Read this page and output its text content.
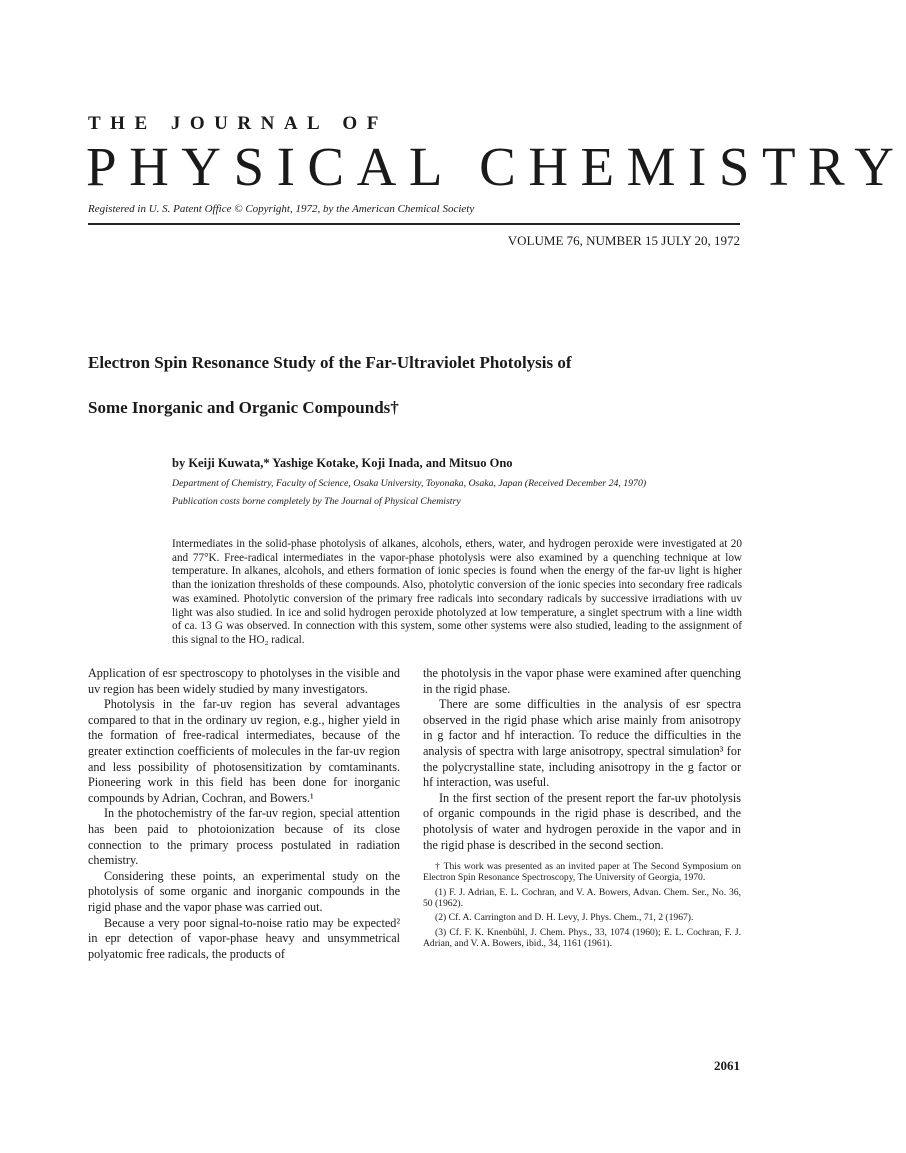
THE JOURNAL OF
PHYSICAL CHEMISTRY
Registered in U. S. Patent Office © Copyright, 1972, by the American Chemical Society
VOLUME 76, NUMBER 15 JULY 20, 1972
Electron Spin Resonance Study of the Far-Ultraviolet Photolysis of
Some Inorganic and Organic Compounds†
by Keiji Kuwata,* Yashige Kotake, Koji Inada, and Mitsuo Ono
Department of Chemistry, Faculty of Science, Osaka University, Toyonaka, Osaka, Japan (Received December 24, 1970)
Publication costs borne completely by The Journal of Physical Chemistry
Intermediates in the solid-phase photolysis of alkanes, alcohols, ethers, water, and hydrogen peroxide were investigated at 20 and 77°K. Free-radical intermediates in the vapor-phase photolysis were also examined by a quenching technique at low temperature. In alkanes, alcohols, and ethers formation of ionic species is found when the energy of the far-uv light is higher than the ionization thresholds of these compounds. Also, photolytic conversion of the ionic species into secondary free radicals was examined. Photolytic conversion of the primary free radicals into secondary radicals by successive irradiations with uv light was also studied. In ice and solid hydrogen peroxide photolyzed at low temperature, a singlet spectrum with a line width of ca. 13 G was observed. In connection with this system, some other systems were also studied, leading to the assignment of this signal to the HO₂ radical.

Application of esr spectroscopy to photolyses in the visible and uv region has been widely studied by many investigators.

Photolysis in the far-uv region has several advantages compared to that in the ordinary uv region, e.g., higher yield in the formation of free-radical intermediates, because of the greater extinction coefficients of molecules in the far-uv region and less possibility of photosensitization by comtaminants. Pioneering work in this field has been done for inorganic compounds by Adrian, Cochran, and Bowers.¹

In the photochemistry of the far-uv region, special attention has been paid to photoionization because of its close connection to the primary process postulated in radiation chemistry.

Considering these points, an experimental study on the photolysis of some organic and inorganic compounds in the rigid phase and the vapor phase was carried out.

Because a very poor signal-to-noise ratio may be expected² in epr detection of vapor-phase heavy and unsymmetrical polyatomic free radicals, the products of

the photolysis in the vapor phase were examined after quenching in the rigid phase.

There are some difficulties in the analysis of esr spectra observed in the rigid phase which arise mainly from anisotropy in g factor and hf interaction. To reduce the difficulties in the analysis of spectra with large anisotropy, spectral simulation³ for the polycrystalline state, including anisotropy in the g factor or hf interaction, was useful.

In the first section of the present report the far-uv photolysis of organic compounds in the rigid phase is described, and the photolysis of water and hydrogen peroxide in the vapor and in the rigid phase is described in the second section.

† This work was presented as an invited paper at The Second Symposium on Electron Spin Resonance Spectroscopy, The University of Georgia, 1970.
(1) F. J. Adrian, E. L. Cochran, and V. A. Bowers, Advan. Chem. Ser., No. 36, 50 (1962).
(2) Cf. A. Carrington and D. H. Levy, J. Phys. Chem., 71, 2 (1967).
(3) Cf. F. K. Knenbühl, J. Chem. Phys., 33, 1074 (1960); E. L. Cochran, F. J. Adrian, and V. A. Bowers, ibid., 34, 1161 (1961).
2061
